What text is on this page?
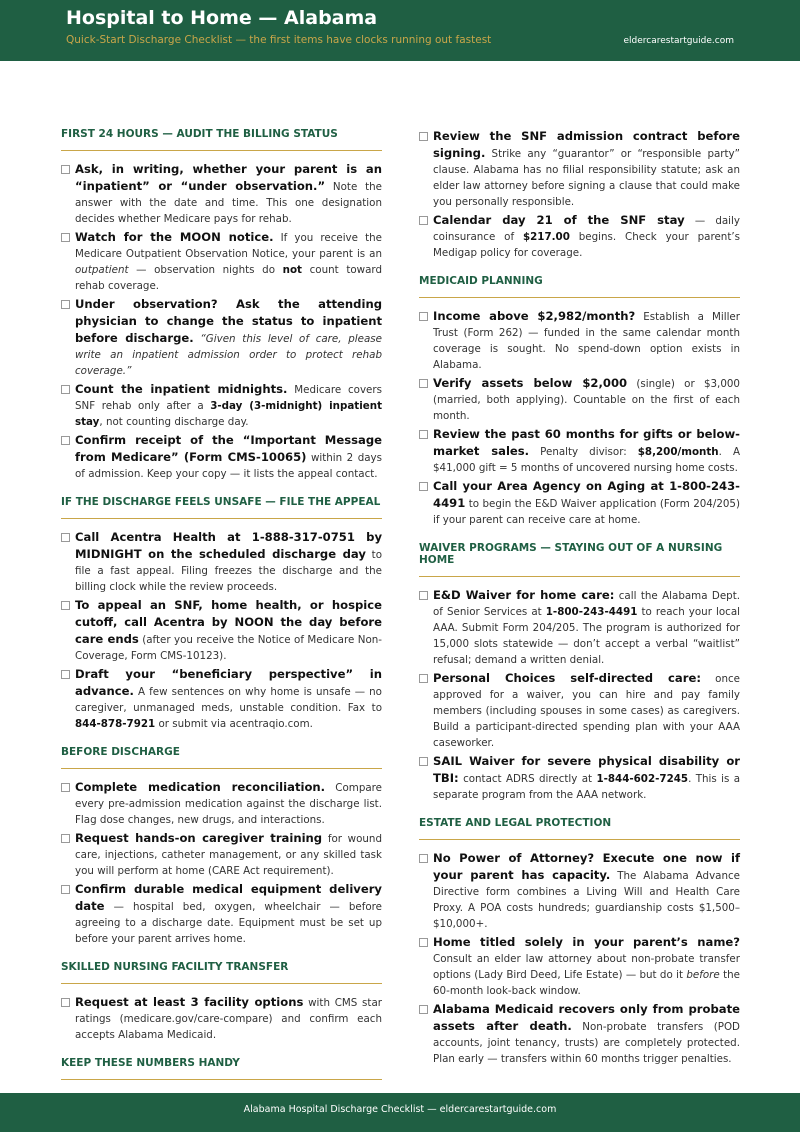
Hospital to Home — Alabama
Quick-Start Discharge Checklist — the first items have clocks running out fastest	eldercarestartguide.com
FIRST 24 HOURS — AUDIT THE BILLING STATUS
Ask, in writing, whether your parent is an “inpatient” or “under observation.” Note the answer with the date and time. This one designation decides whether Medicare pays for rehab.
Watch for the MOON notice. If you receive the Medicare Outpatient Observation Notice, your parent is an outpatient — observation nights do not count toward rehab coverage.
Under observation? Ask the attending physician to change the status to inpatient before discharge. “Given this level of care, please write an inpatient admission order to protect rehab coverage.”
Count the inpatient midnights. Medicare covers SNF rehab only after a 3-day (3-midnight) inpatient stay, not counting discharge day.
Confirm receipt of the “Important Message from Medicare” (Form CMS-10065) within 2 days of admission. Keep your copy — it lists the appeal contact.
IF THE DISCHARGE FEELS UNSAFE — FILE THE APPEAL
Call Acentra Health at 1-888-317-0751 by MIDNIGHT on the scheduled discharge day to file a fast appeal. Filing freezes the discharge and the billing clock while the review proceeds.
To appeal an SNF, home health, or hospice cutoff, call Acentra by NOON the day before care ends (after you receive the Notice of Medicare Non-Coverage, Form CMS-10123).
Draft your “beneficiary perspective” in advance. A few sentences on why home is unsafe — no caregiver, unmanaged meds, unstable condition. Fax to 844-878-7921 or submit via acentraqio.com.
BEFORE DISCHARGE
Complete medication reconciliation. Compare every pre-admission medication against the discharge list. Flag dose changes, new drugs, and interactions.
Request hands-on caregiver training for wound care, injections, catheter management, or any skilled task you will perform at home (CARE Act requirement).
Confirm durable medical equipment delivery date — hospital bed, oxygen, wheelchair — before agreeing to a discharge date. Equipment must be set up before your parent arrives home.
SKILLED NURSING FACILITY TRANSFER
Request at least 3 facility options with CMS star ratings (medicare.gov/care-compare) and confirm each accepts Alabama Medicaid.
KEEP THESE NUMBERS HANDY
Review the SNF admission contract before signing. Strike any “guarantor” or “responsible party” clause. Alabama has no filial responsibility statute; ask an elder law attorney before signing a clause that could make you personally responsible.
Calendar day 21 of the SNF stay — daily coinsurance of $217.00 begins. Check your parent’s Medigap policy for coverage.
MEDICAID PLANNING
Income above $2,982/month? Establish a Miller Trust (Form 262) — funded in the same calendar month coverage is sought. No spend-down option exists in Alabama.
Verify assets below $2,000 (single) or $3,000 (married, both applying). Countable on the first of each month.
Review the past 60 months for gifts or below-market sales. Penalty divisor: $8,200/month. A $41,000 gift = 5 months of uncovered nursing home costs.
Call your Area Agency on Aging at 1-800-243-4491 to begin the E&D Waiver application (Form 204/205) if your parent can receive care at home.
WAIVER PROGRAMS — STAYING OUT OF A NURSING HOME
E&D Waiver for home care: call the Alabama Dept. of Senior Services at 1-800-243-4491 to reach your local AAA. Submit Form 204/205. The program is authorized for 15,000 slots statewide — don’t accept a verbal “waitlist” refusal; demand a written denial.
Personal Choices self-directed care: once approved for a waiver, you can hire and pay family members (including spouses in some cases) as caregivers. Build a participant-directed spending plan with your AAA caseworker.
SAIL Waiver for severe physical disability or TBI: contact ADRS directly at 1-844-602-7245. This is a separate program from the AAA network.
ESTATE AND LEGAL PROTECTION
No Power of Attorney? Execute one now if your parent has capacity. The Alabama Advance Directive form combines a Living Will and Health Care Proxy. A POA costs hundreds; guardianship costs $1,500–$10,000+.
Home titled solely in your parent’s name? Consult an elder law attorney about non-probate transfer options (Lady Bird Deed, Life Estate) — but do it before the 60-month look-back window.
Alabama Medicaid recovers only from probate assets after death. Non-probate transfers (POD accounts, joint tenancy, trusts) are completely protected. Plan early — transfers within 60 months trigger penalties.
Alabama Hospital Discharge Checklist — eldercarestartguide.com
